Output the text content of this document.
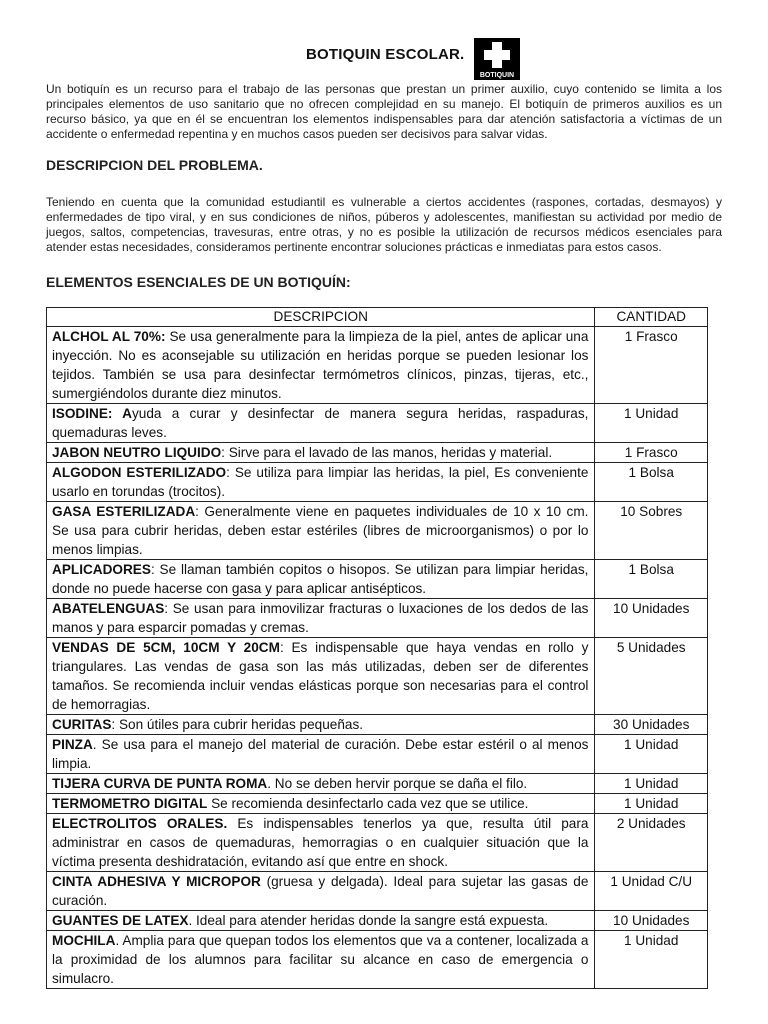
BOTIQUIN ESCOLAR.
BOTIQUIN
Un botiquín es un recurso para el trabajo de las personas que prestan un primer auxilio, cuyo contenido se limita a los principales elementos de uso sanitario que no ofrecen complejidad en su manejo. El botiquín de primeros auxilios es un recurso básico, ya que en él se encuentran los elementos indispensables para dar atención satisfactoria a víctimas de un accidente o enfermedad repentina y en muchos casos pueden ser decisivos para salvar vidas.
DESCRIPCION DEL PROBLEMA.
Teniendo en cuenta que la comunidad estudiantil es vulnerable a ciertos accidentes (raspones, cortadas, desmayos) y enfermedades de tipo viral, y en sus condiciones de niños, púberos y adolescentes, manifiestan su actividad por medio de juegos, saltos, competencias, travesuras, entre otras, y no es posible la utilización de recursos médicos esenciales para atender estas necesidades, consideramos pertinente encontrar soluciones prácticas e inmediatas para estos casos.
ELEMENTOS ESENCIALES DE UN BOTIQUÍN:
DESCRIPCION	CANTIDAD
ALCHOL AL 70%: Se usa generalmente para la limpieza de la piel, antes de aplicar una inyección. No es aconsejable su utilización en heridas porque se pueden lesionar los tejidos. También se usa para desinfectar termómetros clínicos, pinzas, tijeras, etc., sumergiéndolos durante diez minutos.	1 Frasco
ISODINE: Ayuda a curar y desinfectar de manera segura heridas, raspaduras, quemaduras leves.	1 Unidad
JABON NEUTRO LIQUIDO: Sirve para el lavado de las manos, heridas y material.	1 Frasco
ALGODON ESTERILIZADO: Se utiliza para limpiar las heridas, la piel, Es conveniente usarlo en torundas (trocitos).	1 Bolsa
GASA ESTERILIZADA: Generalmente viene en paquetes individuales de 10 x 10 cm. Se usa para cubrir heridas, deben estar estériles (libres de microorganismos) o por lo menos limpias.	10 Sobres
APLICADORES: Se llaman también copitos o hisopos. Se utilizan para limpiar heridas, donde no puede hacerse con gasa y para aplicar antisépticos.	1 Bolsa
ABATELENGUAS: Se usan para inmovilizar fracturas o luxaciones de los dedos de las manos y para esparcir pomadas y cremas.	10 Unidades
VENDAS DE 5CM, 10CM Y 20CM: Es indispensable que haya vendas en rollo y triangulares. Las vendas de gasa son las más utilizadas, deben ser de diferentes tamaños. Se recomienda incluir vendas elásticas porque son necesarias para el control de hemorragias.	5 Unidades
CURITAS: Son útiles para cubrir heridas pequeñas.	30 Unidades
PINZA. Se usa para el manejo del material de curación. Debe estar estéril o al menos limpia.	1 Unidad
TIJERA CURVA DE PUNTA ROMA. No se deben hervir porque se daña el filo.	1 Unidad
TERMOMETRO DIGITAL Se recomienda desinfectarlo cada vez que se utilice.	1 Unidad
ELECTROLITOS ORALES. Es indispensables tenerlos ya que, resulta útil para administrar en casos de quemaduras, hemorragias o en cualquier situación que la víctima presenta deshidratación, evitando así que entre en shock.	2 Unidades
CINTA ADHESIVA Y MICROPOR (gruesa y delgada). Ideal para sujetar las gasas de curación.	1 Unidad C/U
GUANTES DE LATEX. Ideal para atender heridas donde la sangre está expuesta.	10 Unidades
MOCHILA. Amplia para que quepan todos los elementos que va a contener, localizada a la proximidad de los alumnos para facilitar su alcance en caso de emergencia o simulacro.	1 Unidad
